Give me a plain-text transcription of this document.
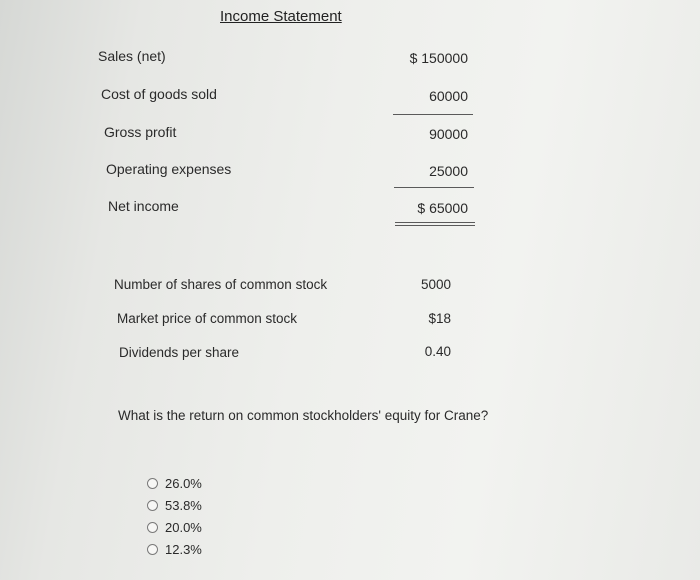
Income Statement
Sales (net)	$ 150000
Cost of goods sold	60000
Gross profit	90000
Operating expenses	25000
Net income	$ 65000
Number of shares of common stock	5000
Market price of common stock	$18
Dividends per share	0.40
What is the return on common stockholders' equity for Crane?
26.0%
53.8%
20.0%
12.3%
